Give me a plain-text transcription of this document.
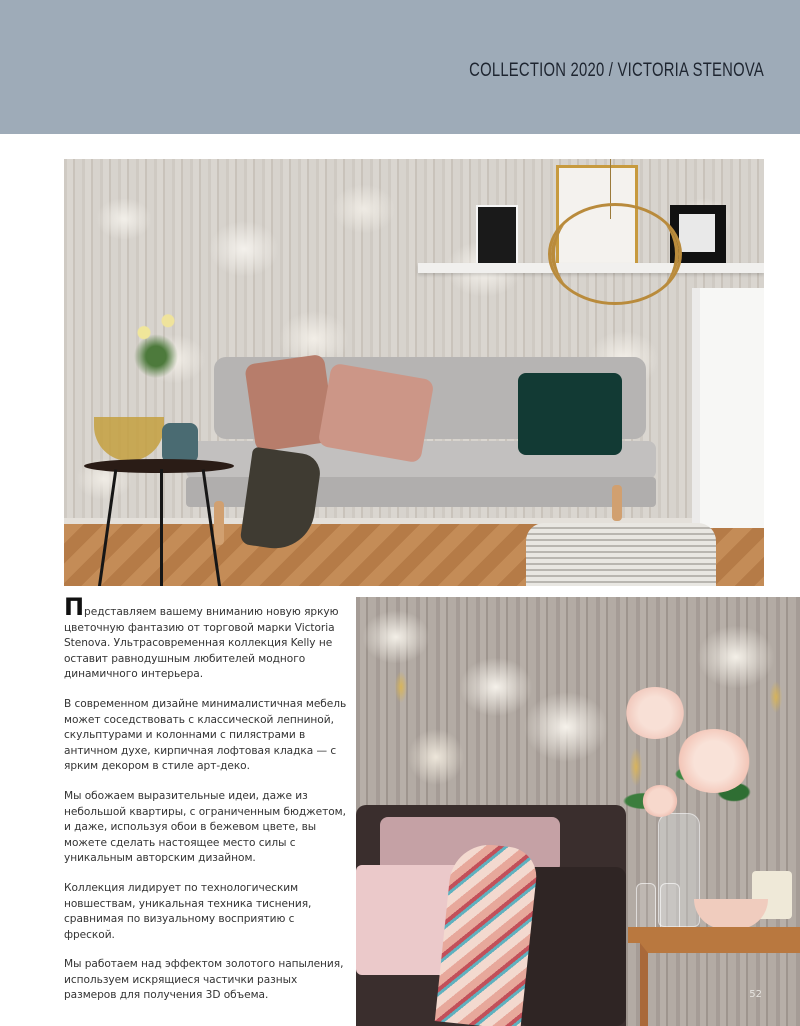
COLLECTION 2020 / VICTORIA STENOVA

Представляем вашему вниманию новую яркую цветочную фантазию от торговой марки Victoria Stenova. Ультрасовременная коллекция Kelly не оставит равнодушным любителей модного динамичного интерьера.

В современном дизайне минималистичная мебель может соседствовать с классической лепниной, скульптурами и колоннами с пилястрами в античном духе, кирпичная лофтовая кладка — с ярким декором в стиле арт-деко.

Мы обожаем выразительные идеи, даже из небольшой квартиры, с ограниченным бюджетом, и даже, используя обои в бежевом цвете, вы можете сделать настоящее место силы с уникальным авторским дизайном.

Коллекция лидирует по технологическим новшествам, уникальная техника тиснения, сравнимая по визуальному восприятию с фреской.

Мы работаем над эффектом золотого напыления, используем искрящиеся частички разных размеров для получения 3D объема.	52
